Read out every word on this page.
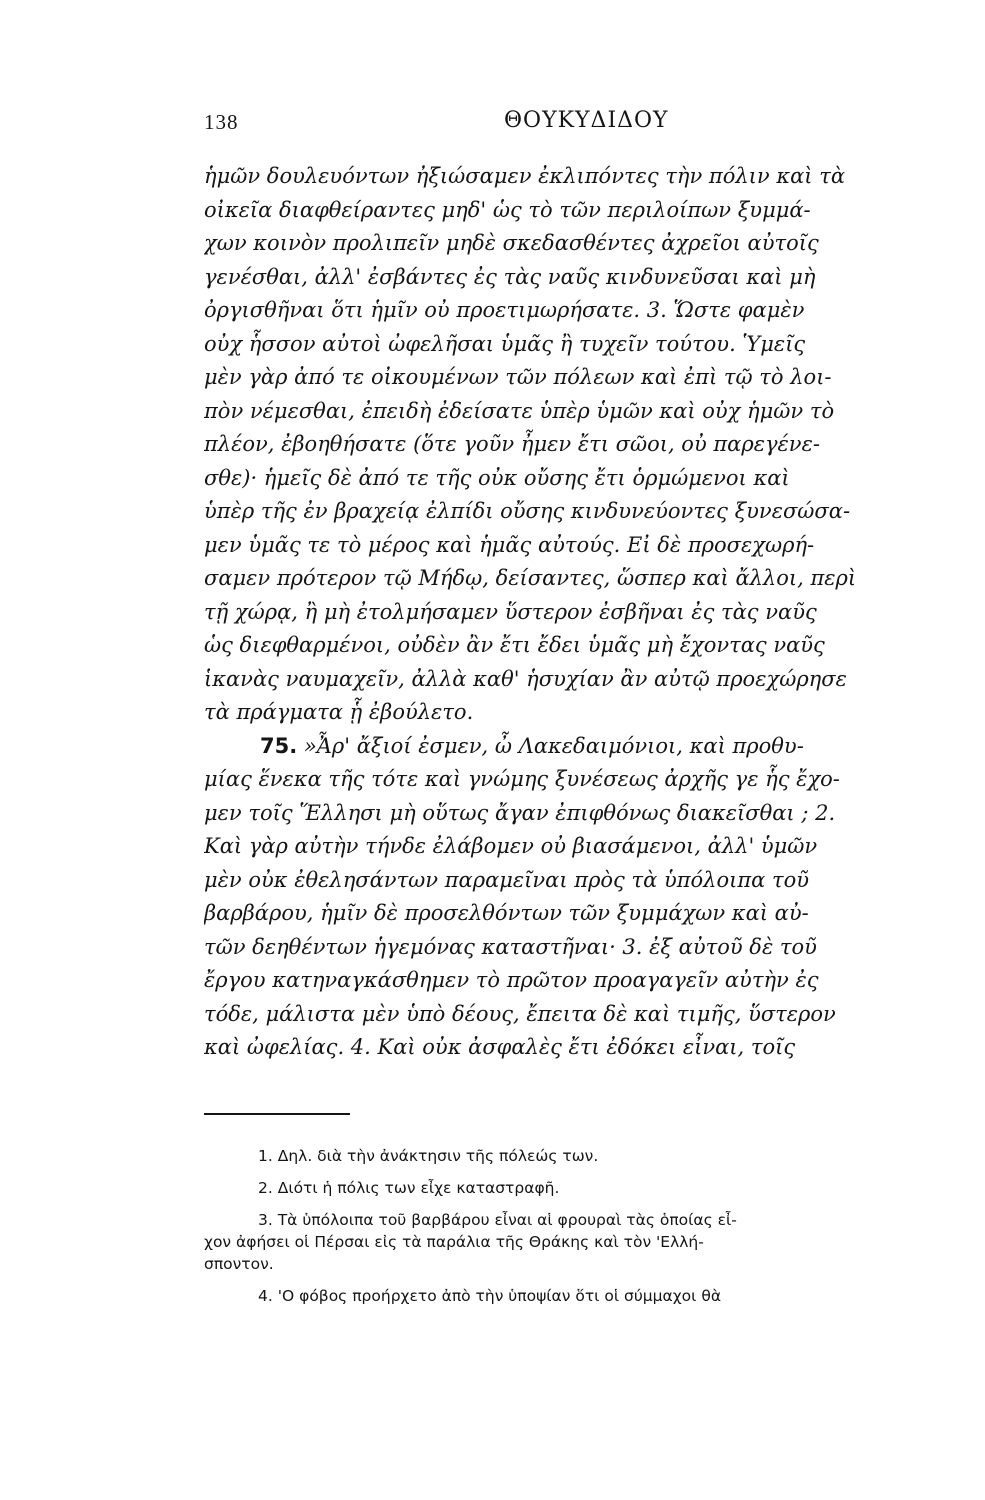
138	ΘΟΥΚΥΔΙΔΟΥ
ἡμῶν δουλευόντων ἠξιώσαμεν ἐκλιπόντες τὴν πόλιν καὶ τὰ
οἰκεῖα διαφθείραντες μηδ' ὡς τὸ τῶν περιλοίπων ξυμμά-
χων κοινὸν προλιπεῖν μηδὲ σκεδασθέντες ἀχρεῖοι αὐτοῖς
γενέσθαι, ἀλλ' ἐσβάντες ἐς τὰς ναῦς κινδυνεῦσαι καὶ μὴ
ὀργισθῆναι ὅτι ἡμῖν οὐ προετιμωρήσατε. 3. Ὥστε φαμὲν
οὐχ ἧσσον αὐτοὶ ὠφελῆσαι ὑμᾶς ἢ τυχεῖν τούτου. Ὑμεῖς
μὲν γὰρ ἀπό τε οἰκουμένων τῶν πόλεων καὶ ἐπὶ τῷ τὸ λοι-
πὸν νέμεσθαι, ἐπειδὴ ἐδείσατε ὑπὲρ ὑμῶν καὶ οὐχ ἡμῶν τὸ
πλέον, ἐβοηθήσατε (ὅτε γοῦν ἦμεν ἔτι σῶοι, οὐ παρεγένε-
σθε)· ἡμεῖς δὲ ἀπό τε τῆς οὐκ οὔσης ἔτι ὁρμώμενοι καὶ
ὑπὲρ τῆς ἐν βραχείᾳ ἐλπίδι οὔσης κινδυνεύοντες ξυνεσώσα-
μεν ὑμᾶς τε τὸ μέρος καὶ ἡμᾶς αὐτούς. Εἰ δὲ προσεχωρή-
σαμεν πρότερον τῷ Μήδῳ, δείσαντες, ὥσπερ καὶ ἄλλοι, περὶ
τῇ χώρᾳ, ἢ μὴ ἐτολμήσαμεν ὕστερον ἐσβῆναι ἐς τὰς ναῦς
ὡς διεφθαρμένοι, οὐδὲν ἂν ἔτι ἔδει ὑμᾶς μὴ ἔχοντας ναῦς
ἱκανὰς ναυμαχεῖν, ἀλλὰ καθ' ἡσυχίαν ἂν αὐτῷ προεχώρησε
τὰ πράγματα ᾗ ἐβούλετο.
75. »Ἆρ' ἄξιοί ἐσμεν, ὦ Λακεδαιμόνιοι, καὶ προθυ-
μίας ἕνεκα τῆς τότε καὶ γνώμης ξυνέσεως ἀρχῆς γε ἧς ἔχο-
μεν τοῖς Ἕλλησι μὴ οὕτως ἄγαν ἐπιφθόνως διακεῖσθαι ; 2.
Καὶ γὰρ αὐτὴν τήνδε ἐλάβομεν οὐ βιασάμενοι, ἀλλ' ὑμῶν
μὲν οὐκ ἐθελησάντων παραμεῖναι πρὸς τὰ ὑπόλοιπα τοῦ
βαρβάρου, ἡμῖν δὲ προσελθόντων τῶν ξυμμάχων καὶ αὐ-
τῶν δεηθέντων ἡγεμόνας καταστῆναι· 3. ἐξ αὐτοῦ δὲ τοῦ
ἔργου κατηναγκάσθημεν τὸ πρῶτον προαγαγεῖν αὐτὴν ἐς
τόδε, μάλιστα μὲν ὑπὸ δέους, ἔπειτα δὲ καὶ τιμῆς, ὕστερον
καὶ ὠφελίας. 4. Καὶ οὐκ ἀσφαλὲς ἔτι ἐδόκει εἶναι, τοῖς
1. Δηλ. διὰ τὴν ἀνάκτησιν τῆς πόλεώς των.
2. Διότι ἡ πόλις των εἶχε καταστραφῆ.
3. Τὰ ὑπόλοιπα τοῦ βαρβάρου εἶναι αἱ φρουραὶ τὰς ὁποίας εἶ-
χον ἀφήσει οἱ Πέρσαι εἰς τὰ παράλια τῆς Θράκης καὶ τὸν 'Ελλή-
σποντον.
4. 'Ο φόβος προήρχετο ἀπὸ τὴν ὑποψίαν ὅτι οἱ σύμμαχοι θὰ
